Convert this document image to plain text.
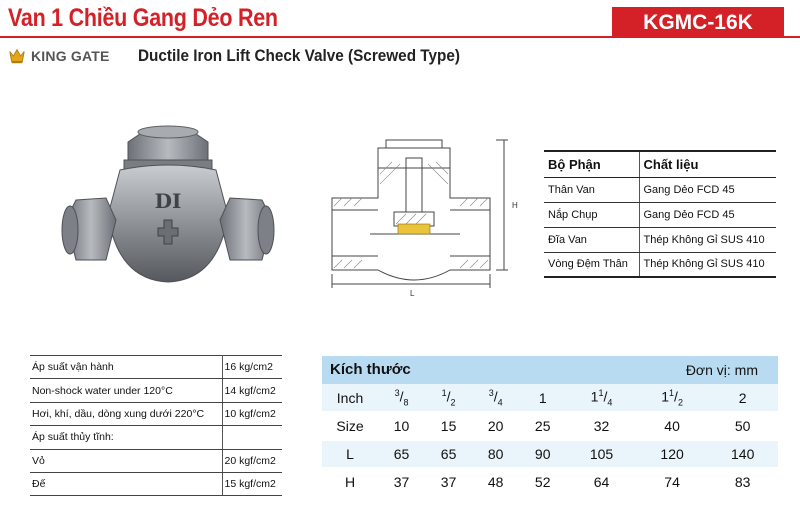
Van 1 Chiều Gang Dẻo Ren	KGMC-16K
KING GATE Ductile Iron Lift Check Valve (Screwed Type)
DI	H
L
Bộ Phận	Chất liệu
Thân Van	Gang Dẻo FCD 45
Nắp Chụp	Gang Dẻo FCD 45
Đĩa Van	Thép Không Gỉ SUS 410
Vòng Đệm Thân	Thép Không Gỉ SUS 410
Áp suất vận hành	16 kg/cm2
Non-shock water under 120°C	14 kgf/cm2
Hơi, khí, dầu, dòng xung dưới 220°C	10 kgf/cm2
Áp suất thủy tĩnh:	
Vỏ	20 kgf/cm2
Đế	15 kgf/cm2
Kích thước	Đơn vị: mm
Inch	$^3/_8$	$^1/_2$	$^3/_4$	1	$1^1/_4$	$1^1/_2$	2
Size	10	15	20	25	32	40	50
L	65	65	80	90	105	120	140
H	37	37	48	52	64	74	83
